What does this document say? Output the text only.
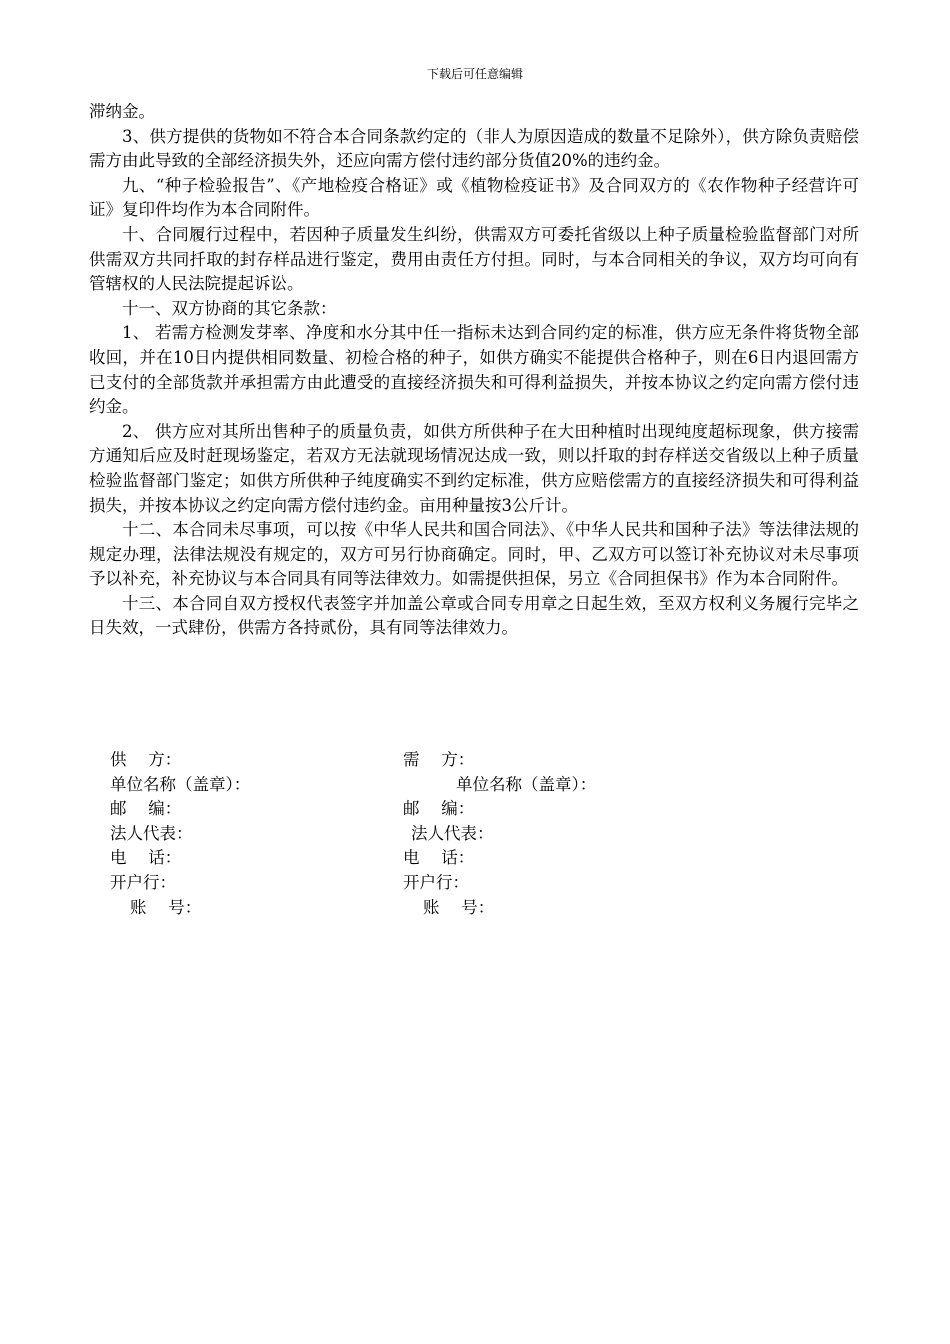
下载后可任意编辑

滞纳金。

3、供方提供的货物如不符合本合同条款约定的（非人为原因造成的数量不足除外），供方除负责赔偿需方由此导致的全部经济损失外，还应向需方偿付违约部分货值20%的违约金。

九、“种子检验报告”、《产地检疫合格证》或《植物检疫证书》及合同双方的《农作物种子经营许可证》复印件均作为本合同附件。

十、合同履行过程中，若因种子质量发生纠纷，供需双方可委托省级以上种子质量检验监督部门对所供需双方共同扦取的封存样品进行鉴定，费用由责任方付担。同时，与本合同相关的争议，双方均可向有管辖权的人民法院提起诉讼。

十一、双方协商的其它条款：

1、 若需方检测发芽率、净度和水分其中任一指标未达到合同约定的标准，供方应无条件将货物全部收回，并在10日内提供相同数量、初检合格的种子，如供方确实不能提供合格种子，则在6日内退回需方已支付的全部货款并承担需方由此遭受的直接经济损失和可得利益损失，并按本协议之约定向需方偿付违约金。

2、 供方应对其所出售种子的质量负责，如供方所供种子在大田种植时出现纯度超标现象，供方接需方通知后应及时赶现场鉴定，若双方无法就现场情况达成一致，则以扦取的封存样送交省级以上种子质量检验监督部门鉴定；如供方所供种子纯度确实不到约定标准，供方应赔偿需方的直接经济损失和可得利益损失，并按本协议之约定向需方偿付违约金。亩用种量按3公斤计。

十二、本合同未尽事项，可以按《中华人民共和国合同法》、《中华人民共和国种子法》等法律法规的规定办理，法律法规没有规定的，双方可另行协商确定。同时，甲、乙双方可以签订补充协议对未尽事项予以补充，补充协议与本合同具有同等法律效力。如需提供担保，另立《合同担保书》作为本合同附件。

十三、本合同自双方授权代表签字并加盖公章或合同专用章之日起生效，至双方权利义务履行完毕之日失效，一式肆份，供需方各持贰份，具有同等法律效力。

供　 方：	需　 方：
单位名称（盖章）：	单位名称（盖章）：
邮　 编：	邮　 编：
法人代表：	法人代表：
电　 话：	电　 话：
开户行：	开户行：
账　 号：	账　 号：
